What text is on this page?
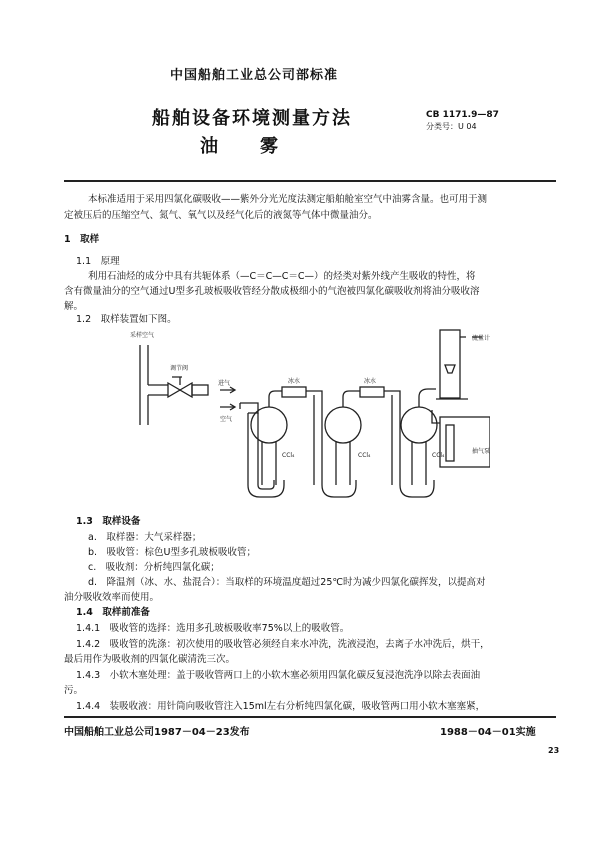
中国船舶工业总公司部标准
船舶设备环境测量方法
油　　雾
CB 1171.9—87
分类号：U 04
本标准适用于采用四氯化碳吸收——紫外分光光度法测定船舶舱室空气中油雾含量。也可用于测
定被压后的压缩空气、氮气、氧气以及经气化后的液氮等气体中微量油分。
1　取样
1.1　原理
利用石油烃的成分中具有共轭体系（—C＝C—C＝C—）的烃类对紫外线产生吸收的特性，将
含有微量油分的空气通过U型多孔玻板吸收管经分散成极细小的气泡被四氯化碳吸收剂将油分吸收溶
解。
1.2　取样装置如下图。
采样空气
调节阀
进气
空气
冰水	冰水
流量计
抽气泵
CCl₄	CCl₄	CCl₄
1.3　取样设备
a.　取样器：大气采样器；
b.　吸收管：棕色U型多孔玻板吸收管；
c.　吸收剂：分析纯四氯化碳；
d.　降温剂（冰、水、盐混合）：当取样的环境温度超过25℃时为减少四氯化碳挥发，以提高对
油分吸收效率而使用。
1.4　取样前准备
1.4.1　吸收管的选择：选用多孔玻板吸收率75%以上的吸收管。
1.4.2　吸收管的洗涤：初次使用的吸收管必须经自来水冲洗，洗液浸泡，去离子水冲洗后，烘干，
最后用作为吸收剂的四氯化碳清洗三次。
1.4.3　小软木塞处理：盖于吸收管两口上的小软木塞必须用四氯化碳反复浸泡洗净以除去表面油
污。
1.4.4　装吸收液：用针筒向吸收管注入15ml左右分析纯四氯化碳，吸收管两口用小软木塞塞紧，
中国船舶工业总公司1987－04－23发布	1988－04－01实施
23
